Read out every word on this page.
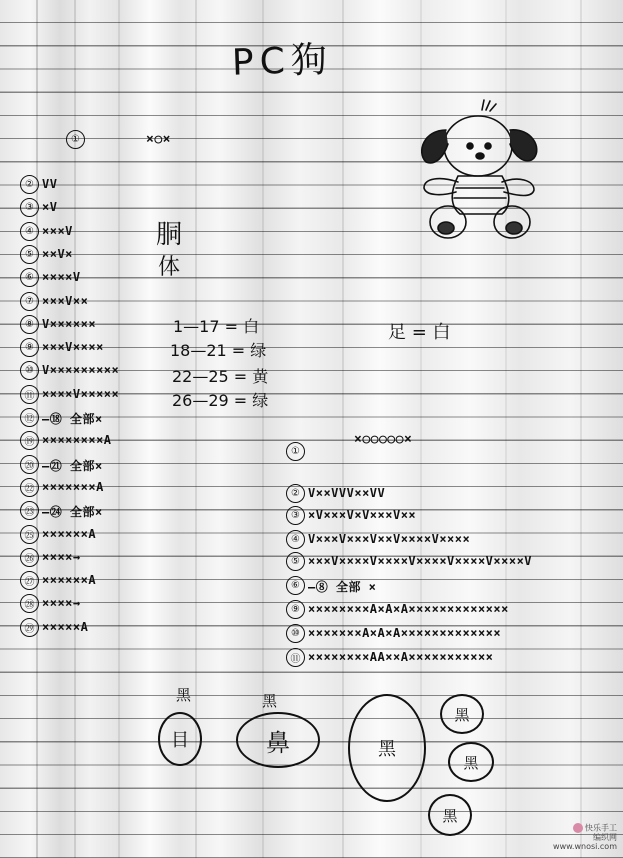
PC狗
①	×○×
胴
体
② VV
③ ×V
④ ×××V
⑤ ××V×
⑥ ××××V
⑦ ×××V××
⑧ V××××××
⑨ ×××V××××
⑩ V×××××××××
⑪ ××××V×××××
⑫ —⑱ 全部×
⑲ ××××××××A
⑳ —㉑ 全部×
㉒ ×××××××A
㉓ —㉔ 全部×
㉕ ××××××A
㉖ ××××→
㉗ ××××××A
㉘ ××××→
㉙ ×××××A
1—17 = 白
18—21 = 绿
22—25 = 黄
26—29 = 绿
足 = 白
×○○○○○×
①
② V××VVV××VV
③ ×V×××V×V×××V××
④ V×××V×××V××V××××V××××
⑤ ×××V××××V××××V××××V××××V××××V
⑥ —⑧ 全部 ×
⑨ ××××××××A×A×A×××××××××××××
⑩ ×××××××A×A×A×××××××××××××
⑪ ××××××××AA××A×××××××××××
黑
目
黑
鼻	黑
黑
黑
黑
快乐手工
编织网
www.wnosi.com
